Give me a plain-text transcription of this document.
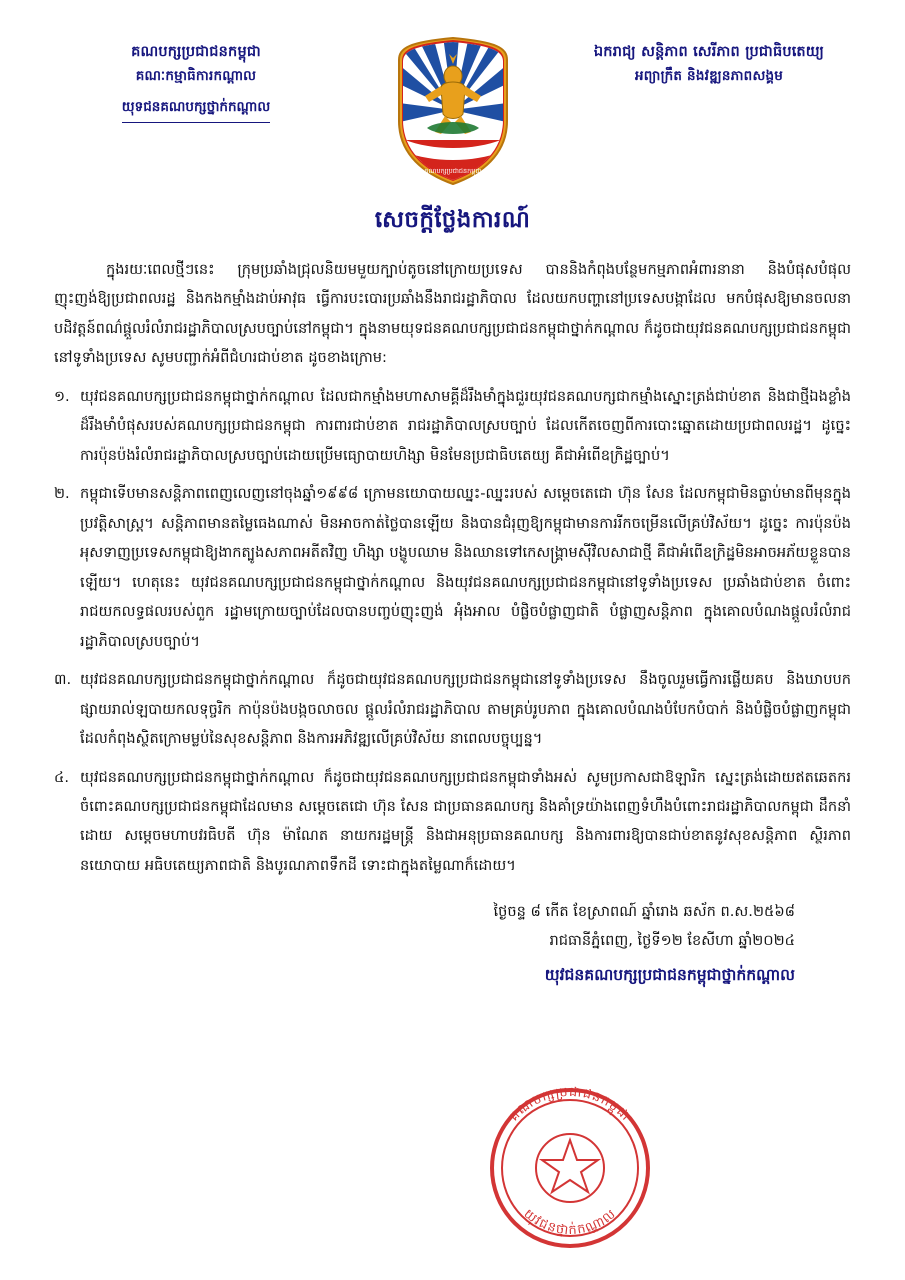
គណបក្សប្រជាជនកម្ពុជា
គណៈកម្មាធិការកណ្ដាល
យុទជនគណបក្សថ្នាក់កណ្ដាល
គណបក្សប្រជាជនកម្ពុជា
ឯករាជ្យ សន្តិភាព សេរីភាព ប្រជាធិបតេយ្យ
អព្យាក្រឹត និងវឌ្ឍនភាពសង្គម
សេចក្ដីថ្លែងការណ៍

ក្នុងរយៈពេលថ្មីៗនេះ ក្រុមប្រឆាំងជ្រុលនិយមមួយក្បាប់តូចនៅក្រោយប្រទេស បាននិងកំពុងបន្ថែមកម្មភាពអំពារនានា និងបំផុសបំផុល ញុះញង់ឱ្យប្រជាពលរដ្ឋ និងកងកម្មាំងដាប់អាវុធ ធ្វើការបះបោរប្រឆាំងនឹងរាជរដ្ឋាភិបាល ដែលយកបញ្ហានៅប្រទេសបង្កាដែល មកបំផុសឱ្យមានចលនាបដិវត្តន៍ពណ៌ផ្ដួលរំលំរាជរដ្ឋាភិបាលស្របច្បាប់នៅកម្ពុជា។ ក្នុងនាមយុទជនគណបក្សប្រជាជនកម្ពុជាថ្នាក់កណ្ដាល ក៏ដូចជាយុវជនគណបក្សប្រជាជនកម្ពុជានៅទូទាំងប្រទេស សូមបញ្ជាក់អំពីជំហរជាប់ខាត ដូចខាងក្រោម:

១. យុវជនគណបក្សប្រជាជនកម្ពុជាថ្នាក់កណ្ដាល ដែលជាកម្មាំងមហាសាមគ្គីដ៏រឹងមាំក្នុងជួរយុវជនគណបក្សជាកម្មាំងស្នោះត្រង់ជាប់ខាត និងជាថ្មីឯងខ្លាំងដ៏រឹងមាំបំផុសរបស់គណបក្សប្រជាជនកម្ពុជា ការពារជាប់ខាត រាជរដ្ឋាភិបាលស្របច្បាប់ ដែលកើតចេញពីការបោះឆ្នោតដោយប្រជាពលរដ្ឋ។ ដូច្នេះ ការប៉ុនប៉ងរំលំរាជរដ្ឋាភិបាលស្របច្បាប់ដោយប្រើមធ្យោបាយហិង្សា មិនមែនប្រជាធិបតេយ្យ គឺជាអំពើឧក្រិដ្ឋច្បាប់។
២. កម្ពុជាទើបមានសន្តិភាពពេញលេញនៅចុងឆ្នាំ១៩៩៨ ក្រោមនយោបាយឈ្នះ-ឈ្នះរបស់ សម្ដេចតេជោ ហ៊ុន សែន ដែលកម្ពុជាមិនធ្លាប់មានពីមុនក្នុងប្រវត្តិសាស្ត្រ។ សន្តិភាពមានតម្លៃធេងណាស់ មិនអាចកាត់ថ្លៃបានឡើយ និងបានជំរុញឱ្យកម្ពុជាមានការរីកចម្រើនលើគ្រប់វិស័យ។ ដូច្នេះ ការប៉ុនប៉ងអុសទាញប្រទេសកម្ពុជាឱ្យងាកត្បូងសភាពអតីតវិញ ហិង្សា បង្ខូបឈាម និងឈានទៅកេសង្គ្រាមស៊ីវិលសាជាថ្មី គឺជាអំពើឧក្រិដ្ឋមិនអាចអភ័យខ្លួនបានឡើយ។ ហេតុនេះ យុវជនគណបក្សប្រជាជនកម្ពុជាថ្នាក់កណ្ដាល និងយុវជនគណបក្សប្រជាជនកម្ពុជានៅទូទាំងប្រទេស ប្រឆាំងជាប់ខាត ចំពោះរាជយកលទ្ធផលរបស់ពួក រដ្ឋាមក្រោយច្បាប់ដែលបានបញ្ចប់ញុះញង់ អុំងអាល បំផ្លិចបំផ្លាញជាតិ បំផ្លាញសន្តិភាព ក្នុងគោលបំណងផ្ដួលរំលំរាជរដ្ឋាភិបាលស្របច្បាប់។
៣. យុវជនគណបក្សប្រជាជនកម្ពុជាថ្នាក់កណ្ដាល ក៏ដូចជាយុវជនគណបក្សប្រជាជនកម្ពុជានៅទូទាំងប្រទេស នឹងចូលរួមធ្វើការផ្លើយគប និងឃាបបកផ្សាយរាល់ឡបាយកលទុច្ចរិក កាប៉ុនប៉ងបង្កចលាចល ផ្ដួលរំលំរាជរដ្ឋាភិបាល តាមគ្រប់រូបភាព ក្នុងគោលបំណងបំបែកបំបាក់ និងបំផ្លិចបំផ្លាញកម្ពុជា ដែលកំពុងស្ថិតក្រោមម្លប់នៃសុខសន្តិភាព និងការអភិវឌ្ឍលើគ្រប់វិស័យ នាពេលបច្ចុប្បន្ន។
៤. យុវជនគណបក្សប្រជាជនកម្ពុជាថ្នាក់កណ្ដាល ក៏ដូចជាយុវជនគណបក្សប្រជាជនកម្ពុជាទាំងអស់ សូមប្រកាសជាឱឡារិក ស្នេះត្រង់ដោយឥតឆេតករ ចំពោះគណបក្សប្រជាជនកម្ពុជាដែលមាន សម្ដេចតេជោ ហ៊ុន សែន ជាប្រធានគណបក្ស និងគាំទ្រយ៉ាងពេញទំហឹងបំពោះរាជរដ្ឋាភិបាលកម្ពុជា ដឹកនាំដោយ សម្ដេចមហាបវរធិបតី ហ៊ុន ម៉ាណែត នាយករដ្ឋមន្ត្រី និងជាអនុប្រធានគណបក្ស និងការពារឱ្យបានជាប់ខាតនូវសុខសន្តិភាព ស្ថិរភាពនយោបាយ អធិបតេយ្យភាពជាតិ និងបូរណភាពទឹកដី ទោះជាក្នុងតម្លៃណាក៏ដោយ។
ថ្ងៃចន្ទ ៨ កើត ខែស្រាពណ៍ ឆ្នាំរោង ឆស័ក ព.ស.២៥៦៨
រាជធានីភ្នំពេញ, ថ្ងៃទី១២ ខែសីហា ឆ្នាំ២០២៤
យុវជនគណបក្សប្រជាជនកម្ពុជាថ្នាក់កណ្ដាល
គណបក្សប្រជាជនកម្ពុជា
យុវជនថ្នាក់កណ្ដាល
